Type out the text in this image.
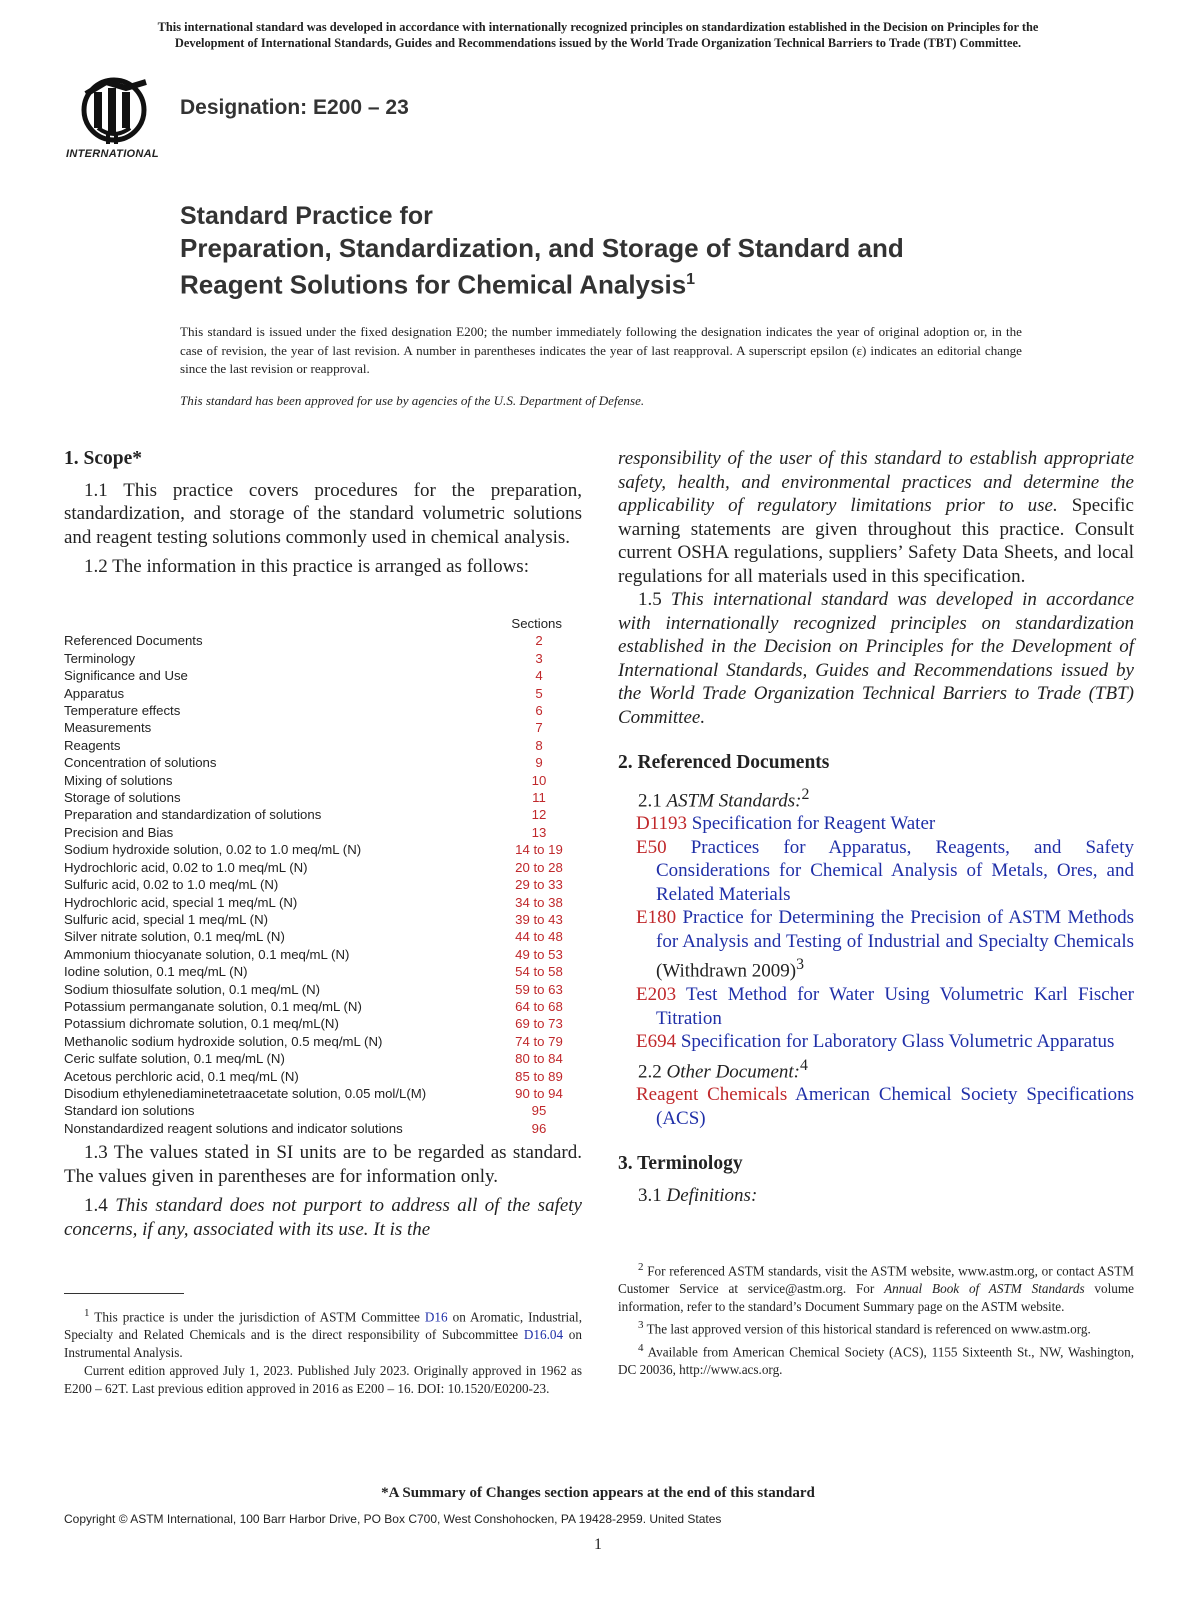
This international standard was developed in accordance with internationally recognized principles on standardization established in the Decision on Principles for the
Development of International Standards, Guides and Recommendations issued by the World Trade Organization Technical Barriers to Trade (TBT) Committee.
INTERNATIONAL
Designation: E200 – 23
Standard Practice for
Preparation, Standardization, and Storage of Standard and
Reagent Solutions for Chemical Analysis$^1$
This standard is issued under the fixed designation E200; the number immediately following the designation indicates the year of original adoption or, in the case of revision, the year of last revision. A number in parentheses indicates the year of last reapproval. A superscript epsilon (ε) indicates an editorial change since the last revision or reapproval.
This standard has been approved for use by agencies of the U.S. Department of Defense.
1. Scope*

1.1 This practice covers procedures for the preparation, standardization, and storage of the standard volumetric solutions and reagent testing solutions commonly used in chemical analysis.

1.2 The information in this practice is arranged as follows:

Sections
Referenced Documents	2
Terminology	3
Significance and Use	4
Apparatus	5
Temperature effects	6
Measurements	7
Reagents	8
Concentration of solutions	9
Mixing of solutions	10
Storage of solutions	11
Preparation and standardization of solutions	12
Precision and Bias	13
Sodium hydroxide solution, 0.02 to 1.0 meq/mL (N)	14 to 19
Hydrochloric acid, 0.02 to 1.0 meq/mL (N)	20 to 28
Sulfuric acid, 0.02 to 1.0 meq/mL (N)	29 to 33
Hydrochloric acid, special 1 meq/mL (N)	34 to 38
Sulfuric acid, special 1 meq/mL (N)	39 to 43
Silver nitrate solution, 0.1 meq/mL (N)	44 to 48
Ammonium thiocyanate solution, 0.1 meq/mL (N)	49 to 53
Iodine solution, 0.1 meq/mL (N)	54 to 58
Sodium thiosulfate solution, 0.1 meq/mL (N)	59 to 63
Potassium permanganate solution, 0.1 meq/mL (N)	64 to 68
Potassium dichromate solution, 0.1 meq/mL(N)	69 to 73
Methanolic sodium hydroxide solution, 0.5 meq/mL (N)	74 to 79
Ceric sulfate solution, 0.1 meq/mL (N)	80 to 84
Acetous perchloric acid, 0.1 meq/mL (N)	85 to 89
Disodium ethylenediaminetetraacetate solution, 0.05 mol/L(M)	90 to 94
Standard ion solutions	95
Nonstandardized reagent solutions and indicator solutions	96

1.3 The values stated in SI units are to be regarded as standard. The values given in parentheses are for information only.

1.4 This standard does not purport to address all of the safety concerns, if any, associated with its use. It is the

$^1$ This practice is under the jurisdiction of ASTM Committee D16 on Aromatic, Industrial, Specialty and Related Chemicals and is the direct responsibility of Subcommittee D16.04 on Instrumental Analysis.

Current edition approved July 1, 2023. Published July 2023. Originally approved in 1962 as E200 – 62T. Last previous edition approved in 2016 as E200 – 16. DOI: 10.1520/E0200-23.

responsibility of the user of this standard to establish appropriate safety, health, and environmental practices and determine the applicability of regulatory limitations prior to use. Specific warning statements are given throughout this practice. Consult current OSHA regulations, suppliers’ Safety Data Sheets, and local regulations for all materials used in this specification.

1.5 This international standard was developed in accordance with internationally recognized principles on standardization established in the Decision on Principles for the Development of International Standards, Guides and Recommendations issued by the World Trade Organization Technical Barriers to Trade (TBT) Committee.

2. Referenced Documents

2.1 ASTM Standards:$^2$

D1193 Specification for Reagent Water

E50 Practices for Apparatus, Reagents, and Safety Considerations for Chemical Analysis of Metals, Ores, and Related Materials

E180 Practice for Determining the Precision of ASTM Methods for Analysis and Testing of Industrial and Specialty Chemicals (Withdrawn 2009)$^3$

E203 Test Method for Water Using Volumetric Karl Fischer Titration

E694 Specification for Laboratory Glass Volumetric Apparatus

2.2 Other Document:$^4$

Reagent Chemicals American Chemical Society Specifications (ACS)

3. Terminology

3.1 Definitions:

$^2$ For referenced ASTM standards, visit the ASTM website, www.astm.org, or contact ASTM Customer Service at service@astm.org. For Annual Book of ASTM Standards volume information, refer to the standard’s Document Summary page on the ASTM website.

$^3$ The last approved version of this historical standard is referenced on www.astm.org.

$^4$ Available from American Chemical Society (ACS), 1155 Sixteenth St., NW, Washington, DC 20036, http://www.acs.org.

*A Summary of Changes section appears at the end of this standard
Copyright © ASTM International, 100 Barr Harbor Drive, PO Box C700, West Conshohocken, PA 19428-2959. United States
1
